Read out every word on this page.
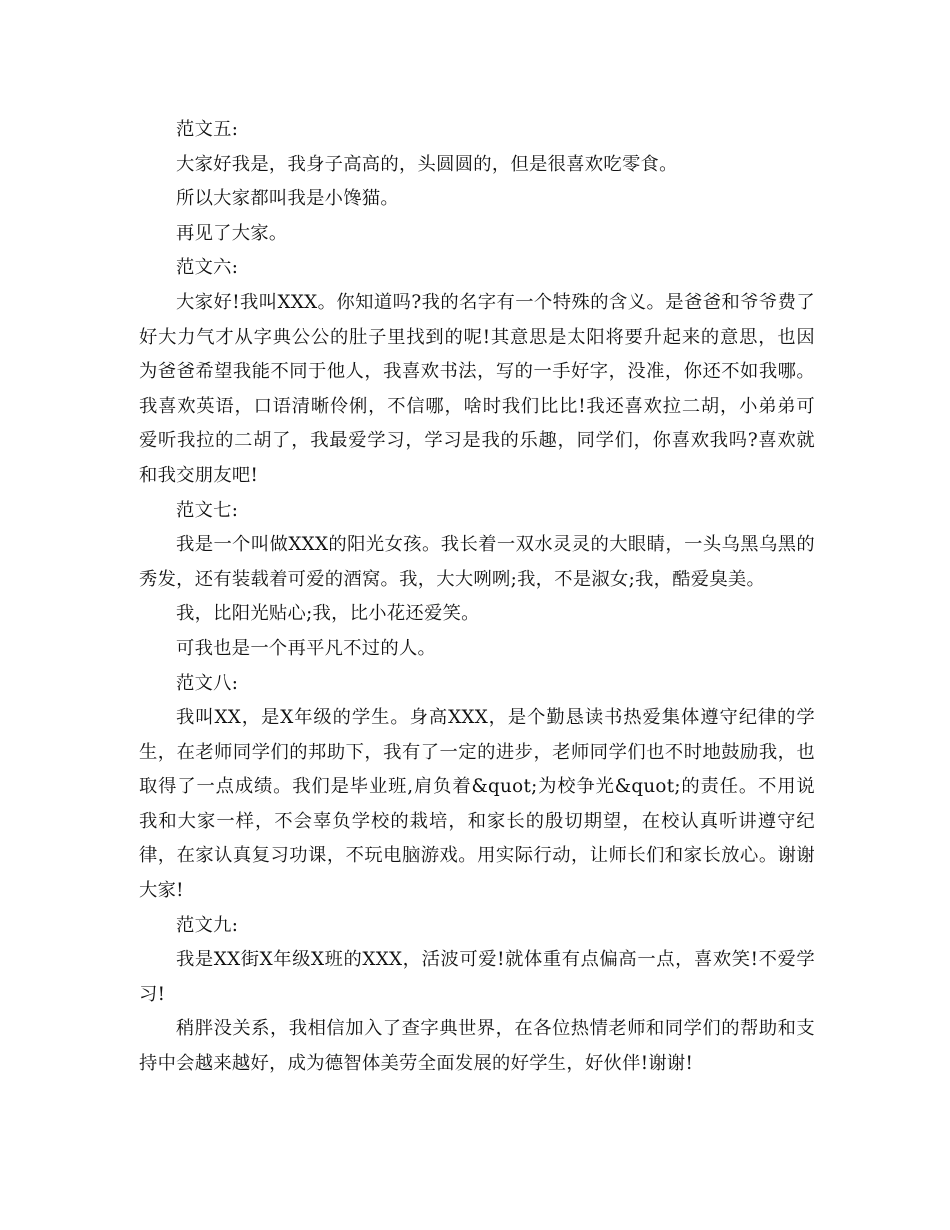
范文五:

大家好我是，我身子高高的，头圆圆的，但是很喜欢吃零食。

所以大家都叫我是小馋猫。

再见了大家。

范文六:

大家好!我叫XXX。你知道吗?我的名字有一个特殊的含义。是爸爸和爷爷费了好大力气才从字典公公的肚子里找到的呢!其意思是太阳将要升起来的意思，也因为爸爸希望我能不同于他人，我喜欢书法，写的一手好字，没准，你还不如我哪。我喜欢英语，口语清晰伶俐，不信哪，啥时我们比比!我还喜欢拉二胡，小弟弟可爱听我拉的二胡了，我最爱学习，学习是我的乐趣，同学们，你喜欢我吗?喜欢就和我交朋友吧!

范文七:

我是一个叫做XXX的阳光女孩。我长着一双水灵灵的大眼睛，一头乌黑乌黑的秀发，还有装载着可爱的酒窝。我，大大咧咧;我，不是淑女;我，酷爱臭美。

我，比阳光贴心;我，比小花还爱笑。

可我也是一个再平凡不过的人。

范文八:

我叫XX，是X年级的学生。身高XXX，是个勤恳读书热爱集体遵守纪律的学生，在老师同学们的邦助下，我有了一定的进步，老师同学们也不时地鼓励我，也取得了一点成绩。我们是毕业班,肩负着&quot;为校争光&quot;的责任。不用说我和大家一样，不会辜负学校的栽培，和家长的殷切期望，在校认真听讲遵守纪律，在家认真复习功课，不玩电脑游戏。用实际行动，让师长们和家长放心。谢谢大家!

范文九:

我是XX街X年级X班的XXX，活波可爱!就体重有点偏高一点，喜欢笑!不爱学习!

稍胖没关系，我相信加入了查字典世界，在各位热情老师和同学们的帮助和支持中会越来越好，成为德智体美劳全面发展的好学生，好伙伴!谢谢!
